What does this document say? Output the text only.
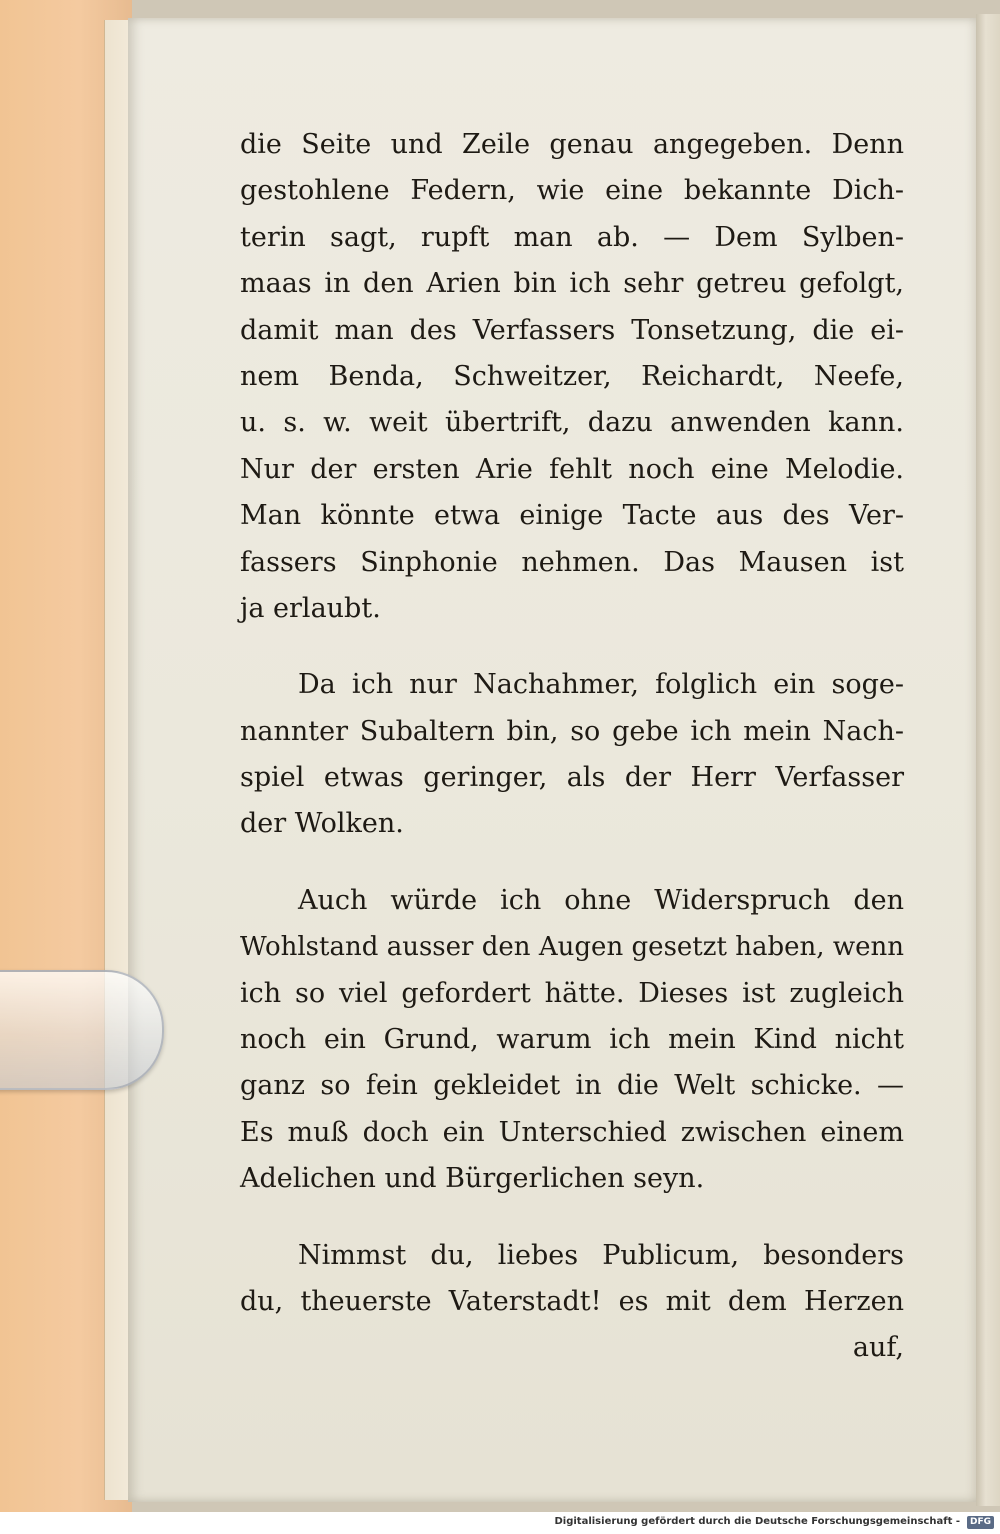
die Seite und Zeile genau angegeben. Denn
gestohlene Federn, wie eine bekannte Dich-
terin sagt, rupft man ab. — Dem Sylben-
maas in den Arien bin ich sehr getreu gefolgt,
damit man des Verfassers Tonsetzung, die ei-
nem Benda, Schweitzer, Reichardt, Neefe,
u. s. w. weit übertrift, dazu anwenden kann.
Nur der ersten Arie fehlt noch eine Melodie.
Man könnte etwa einige Tacte aus des Ver-
fassers Sinphonie nehmen. Das Mausen ist
ja erlaubt.
Da ich nur Nachahmer, folglich ein soge-
nannter Subaltern bin, so gebe ich mein Nach-
spiel etwas geringer, als der Herr Verfasser
der Wolken.
Auch würde ich ohne Widerspruch den
Wohlstand ausser den Augen gesetzt haben, wenn
ich so viel gefordert hätte. Dieses ist zugleich
noch ein Grund, warum ich mein Kind nicht
ganz so fein gekleidet in die Welt schicke. —
Es muß doch ein Unterschied zwischen einem
Adelichen und Bürgerlichen seyn.
Nimmst du, liebes Publicum, besonders
du, theuerste Vaterstadt! es mit dem Herzen
auf,
Digitalisierung gefördert durch die Deutsche Forschungsgemeinschaft -	DFG
